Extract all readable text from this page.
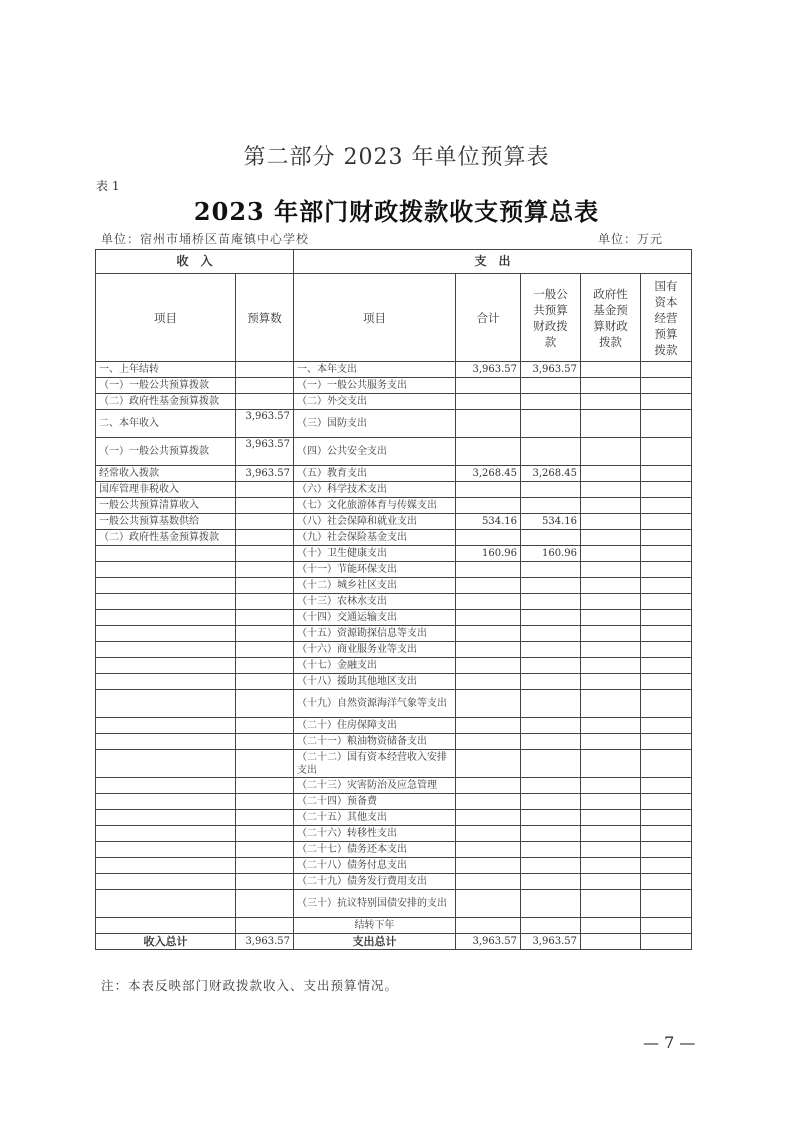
第二部分 2023 年单位预算表
表 1
2023 年部门财政拨款收支预算总表
单位：宿州市埇桥区苗庵镇中心学校	单位：万元
收　入		支　出				
项目	预算数	项目	合计	一般公共预算财政拨款	政府性基金预算财政拨款	国有资本经营预算拨款
一、上年结转		一、本年支出	3,963.57	3,963.57		
（一）一般公共预算拨款		（一）一般公共服务支出				
（二）政府性基金预算拨款		（二）外交支出				
二、本年收入	3,963.57	（三）国防支出				
（一）一般公共预算拨款	3,963.57	（四）公共安全支出				
经常收入拨款	3,963.57	（五）教育支出	3,268.45	3,268.45		
国库管理非税收入		（六）科学技术支出				
一般公共预算清算收入		（七）文化旅游体育与传媒支出				
一般公共预算基数供给		（八）社会保障和就业支出	534.16	534.16		
（二）政府性基金预算拨款		（九）社会保险基金支出				
		（十）卫生健康支出	160.96	160.96		
		（十一）节能环保支出				
		（十二）城乡社区支出				
		（十三）农林水支出				
		（十四）交通运输支出				
		（十五）资源勘探信息等支出				
		（十六）商业服务业等支出				
		（十七）金融支出				
		（十八）援助其他地区支出				
		（十九）自然资源海洋气象等支出				
		（二十）住房保障支出				
		（二十一）粮油物资储备支出				
		（二十二）国有资本经营收入安排支出				
		（二十三）灾害防治及应急管理				
		（二十四）预备费				
		（二十五）其他支出				
		（二十六）转移性支出				
		（二十七）债务还本支出				
		（二十八）债务付息支出				
		（二十九）债务发行费用支出				
		（三十）抗议特别国债安排的支出				
		结转下年				
收入总计	3,963.57	支出总计	3,963.57	3,963.57		
注：本表反映部门财政拨款收入、支出预算情况。
— 7 —
